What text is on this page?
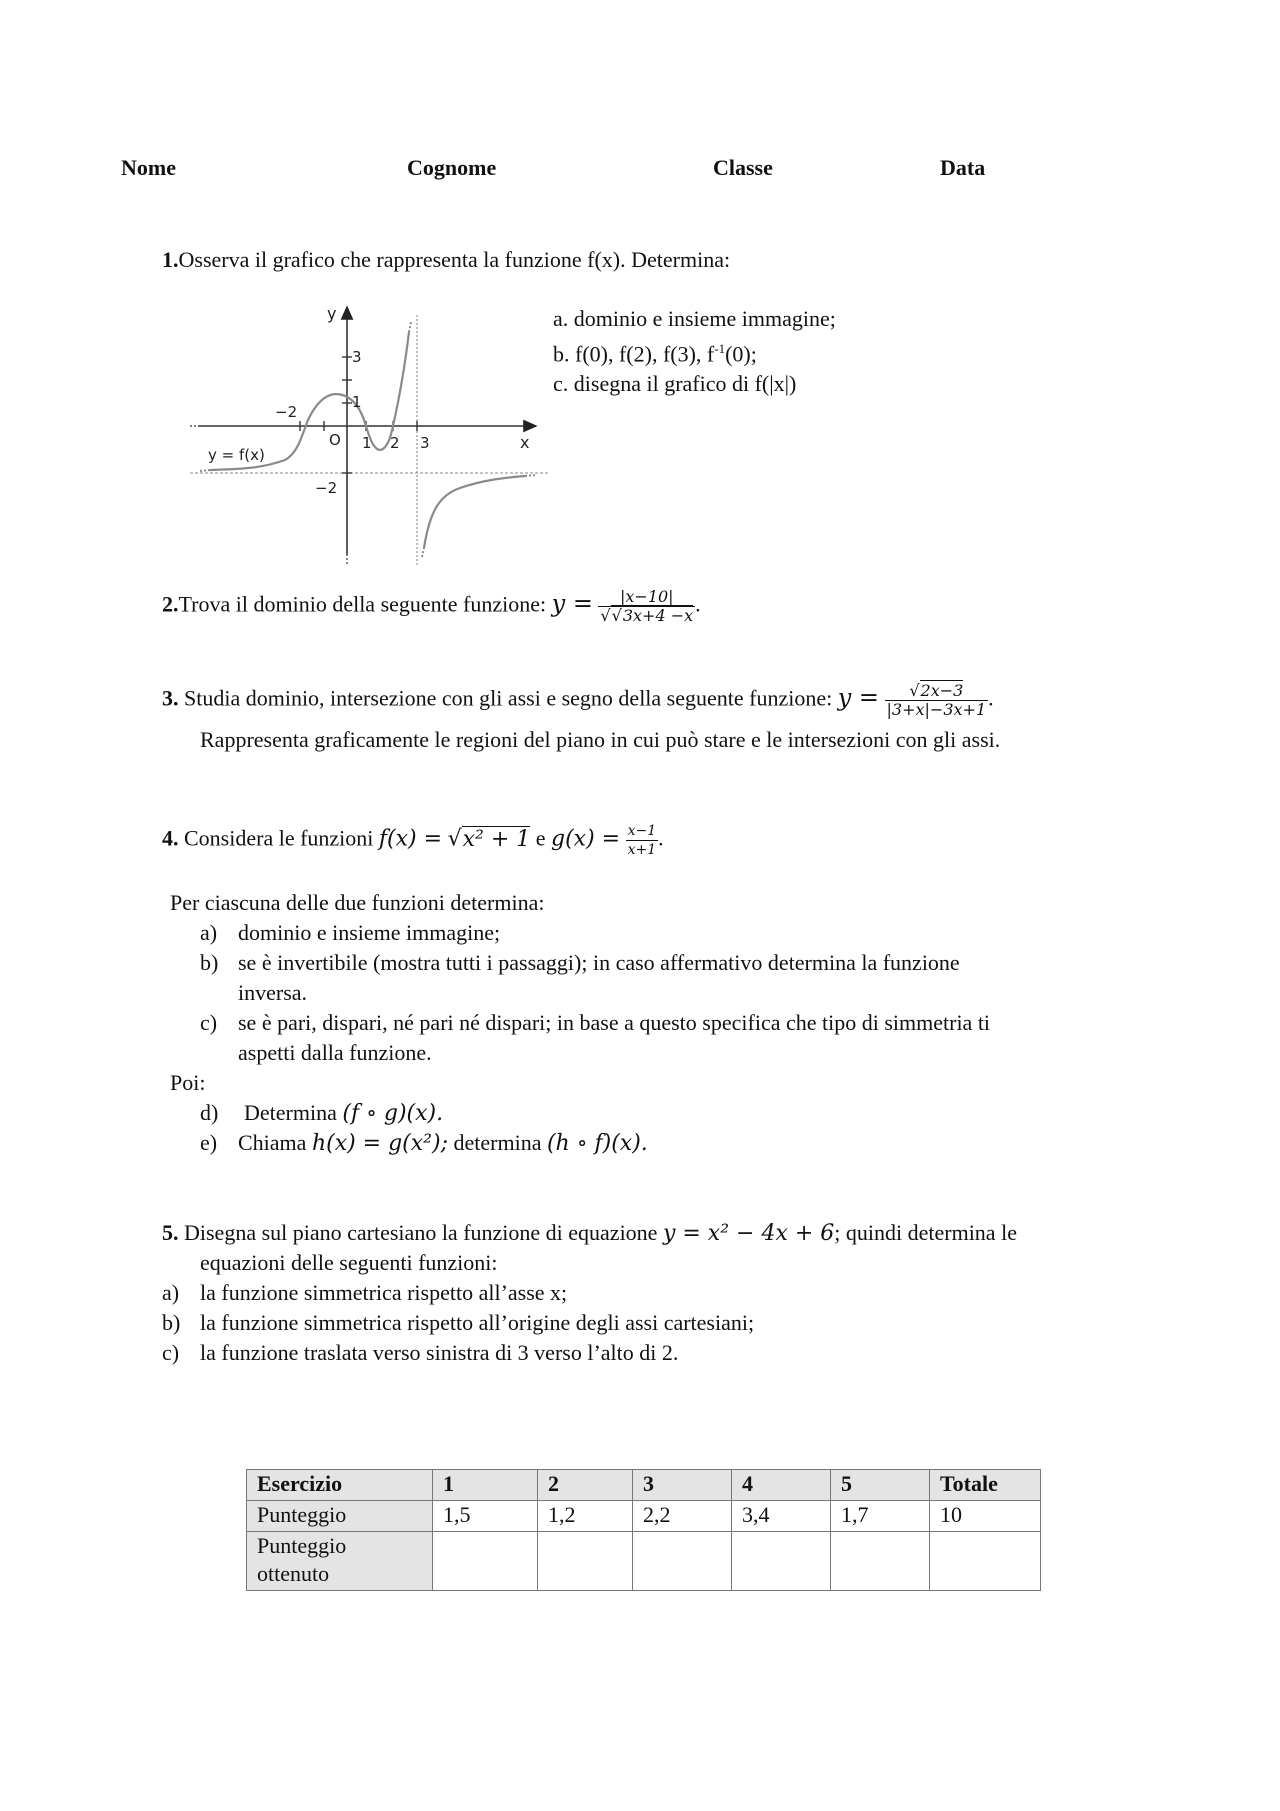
Nome	Cognome	Classe	Data
1.Osserva il grafico che rappresenta la funzione f(x). Determina:
y
x
O
y = f(x)
−2
1 2 3
3
1
−2
a. dominio e insieme immagine;
b. f(0), f(2), f(3), $f^{-1}(0)$;
c. disegna il grafico di f(|x|)
2.Trova il dominio della seguente funzione: $y = \frac{|x-10|}{√√3x+4 -x}$ .
3. Studia dominio, intersezione con gli assi e segno della seguente funzione: $y = \frac{√2x-3}{|3+x|-3x+1}$ .
Rappresenta graficamente le regioni del piano in cui può stare e le intersezioni con gli assi.
4. Considera le funzioni f(x) = √x² + 1 e $g(x) = \frac{x-1}{x+1}$ .
Per ciascuna delle due funzioni determina:
a) dominio e insieme immagine;
b) se è invertibile (mostra tutti i passaggi); in caso affermativo determina la funzione
inversa.
c) se è pari, dispari, né pari né dispari; in base a questo specifica che tipo di simmetria ti
aspetti dalla funzione.
Poi:
d) Determina (f ∘ g)(x).
e) Chiama h(x) = g(x²); determina (h ∘ f)(x).
5. Disegna sul piano cartesiano la funzione di equazione y = x² − 4x + 6; quindi determina le
equazioni delle seguenti funzioni:
a) la funzione simmetrica rispetto all’asse x;
b) la funzione simmetrica rispetto all’origine degli assi cartesiani;
c) la funzione traslata verso sinistra di 3 verso l’alto di 2.
Esercizio	1	2	3	4	5	Totale
Punteggio	1,5	1,2	2,2	3,4	1,7	10
Punteggio
ottenuto						
